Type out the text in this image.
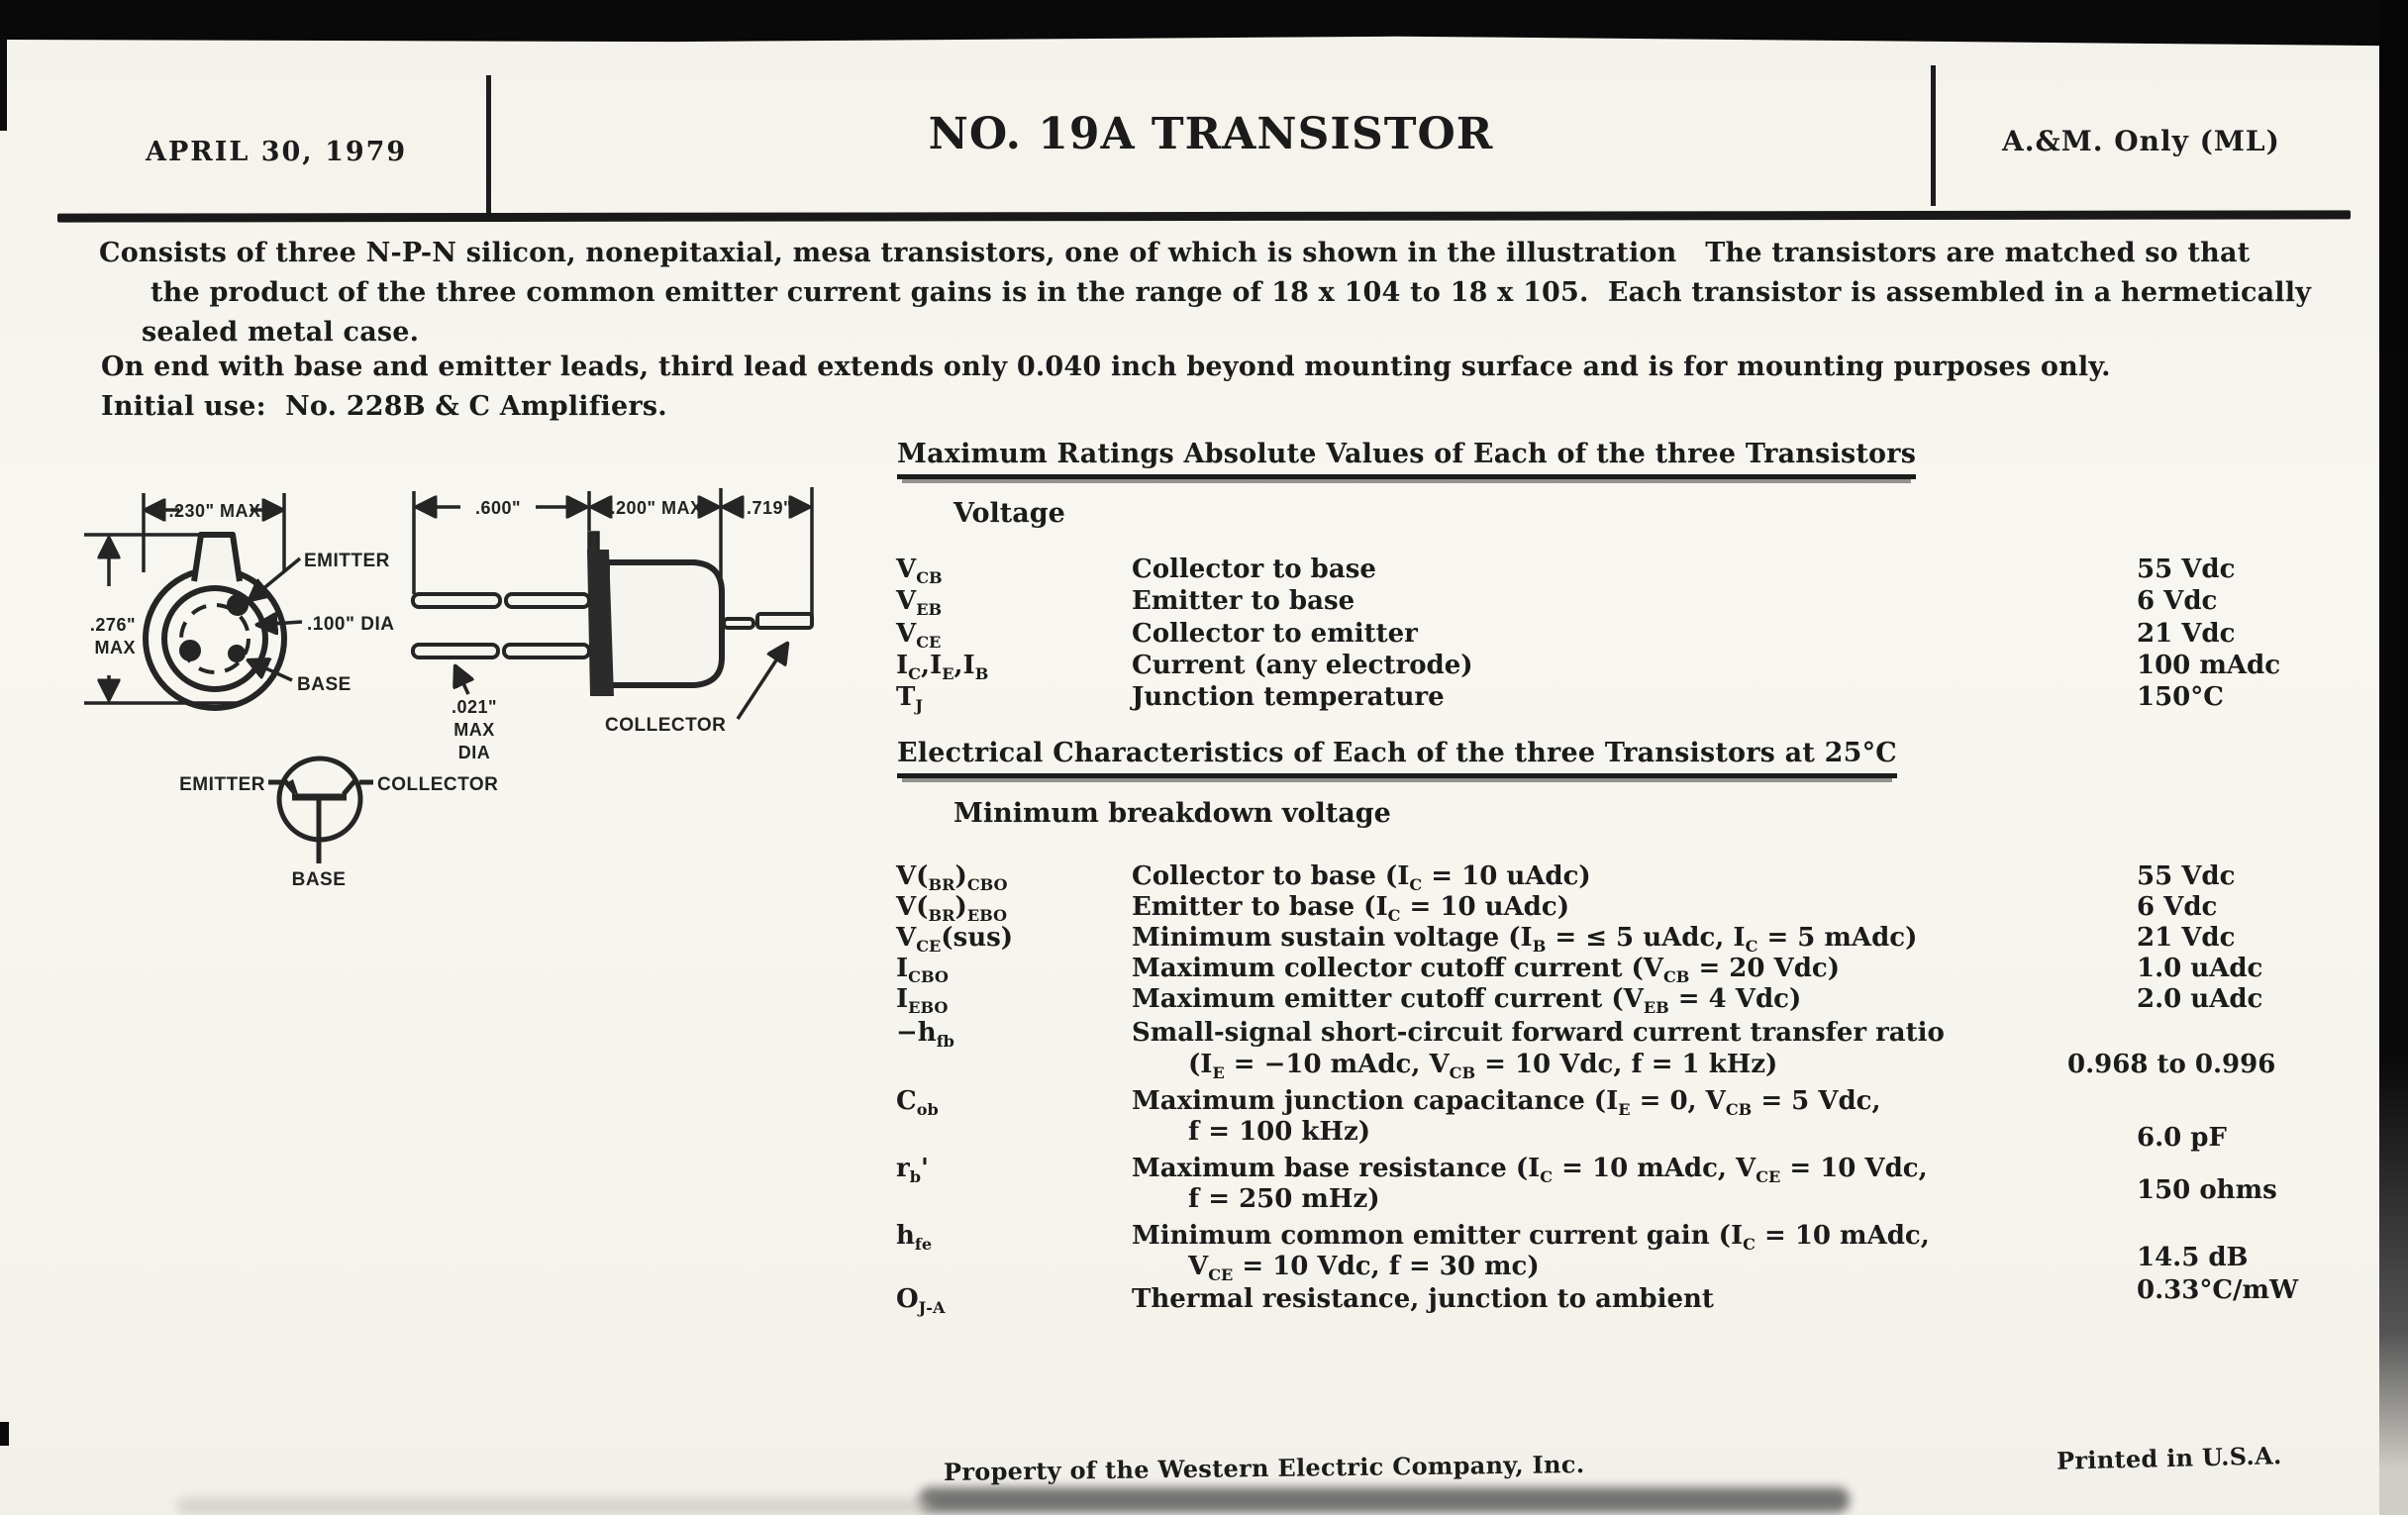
APRIL 30, 1979	NO. 19A TRANSISTOR	A.&M. Only (ML)
Consists of three N-P-N silicon, nonepitaxial, mesa transistors, one of which is shown in the illustration   The transistors are matched so that
the product of the three common emitter current gains is in the range of 18 x 104 to 18 x 105.  Each transistor is assembled in a hermetically
sealed metal case.
On end with base and emitter leads, third lead extends only 0.040 inch beyond mounting surface and is for mounting purposes only.
Initial use:  No. 228B & C Amplifiers.
.230" MAX
.276"
MAX
EMITTER
.100" DIA
BASE
.600"	.200" MAX .719"
.021"
MAX
DIA
COLLECTOR
EMITTER	COLLECTOR
BASE
Maximum Ratings Absolute Values of Each of the three Transistors
Voltage
$V_{CB}$	Collector to base	55 Vdc
$V_{EB}$	Emitter to base	6 Vdc
$V_{CE}$	Collector to emitter	21 Vdc
$I_C,I_E,I_B$	Current (any electrode)	100 mAdc
$T_J$	Junction temperature	150°C
Electrical Characteristics of Each of the three Transistors at 25°C
Minimum breakdown voltage
$V(_{BR})_{CBO}$	Collector to base ($I_C = 10$ uAdc)	55 Vdc
$V(_{BR})_{EBO}$	Emitter to base ($I_C = 10$ uAdc)	6 Vdc
$V_{CE}(sus)$	Minimum sustain voltage ($I_B$ = ≤ 5 uAdc, $I_C = 5$ mAdc)	21 Vdc
$I_{CBO}$	Maximum collector cutoff current ($V_{CB} = 20$ Vdc)	1.0 uAdc
$I_{EBO}$	Maximum emitter cutoff current ($V_{EB} = 4$ Vdc)	2.0 uAdc
$-h_{fb}$	Small-signal short-circuit forward current transfer ratio
($I_E = -10$ mAdc, $V_{CB} = 10$ Vdc, f = 1 kHz)	0.968 to 0.996
$C_{ob}$	Maximum junction capacitance ($I_E = 0$, $V_{CB} = 5$ Vdc,
f = 100 kHz)	6.0 pF
$r_b'$	Maximum base resistance ($I_C = 10$ mAdc, $V_{CE} = 10$ Vdc,
f = 250 mHz)	150 ohms
$h_{fe}$	Minimum common emitter current gain ($I_C = 10$ mAdc,
$V_{CE} = 10$ Vdc, f = 30 mc)	14.5 dB
$O_{J-A}$	Thermal resistance, junction to ambient	0.33°C/mW
Property of the Western Electric Company, Inc.	Printed in U.S.A.
